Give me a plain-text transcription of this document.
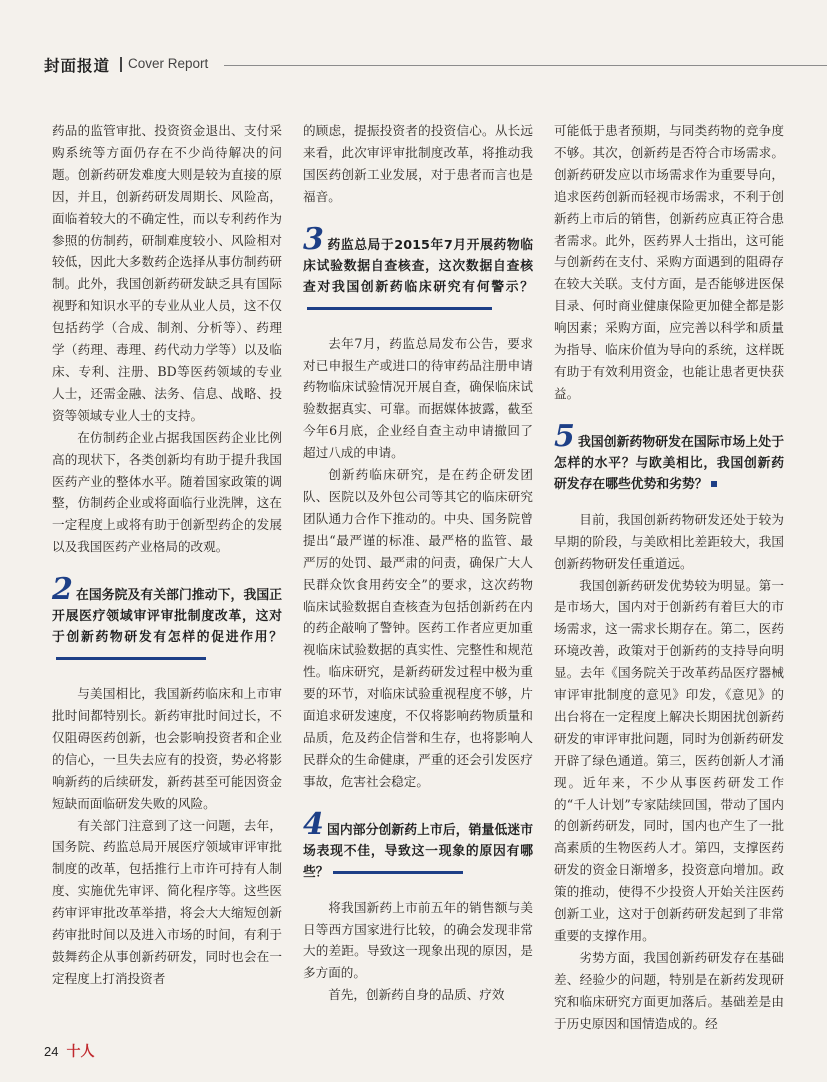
封面报道 Cover Report

药品的监管审批、投资资金退出、支付采购系统等方面仍存在不少尚待解决的问题。创新药研发难度大则是较为直接的原因，并且，创新药研发周期长、风险高，面临着较大的不确定性，而以专利药作为参照的仿制药，研制难度较小、风险相对较低，因此大多数药企选择从事仿制药研制。此外，我国创新药研发缺乏具有国际视野和知识水平的专业从业人员，这不仅包括药学（合成、制剂、分析等）、药理学（药理、毒理、药代动力学等）以及临床、专利、注册、BD等医药领域的专业人士，还需金融、法务、信息、战略、投资等领域专业人士的支持。

在仿制药企业占据我国医药企业比例高的现状下，各类创新均有助于提升我国医药产业的整体水平。随着国家政策的调整，仿制药企业或将面临行业洗牌，这在一定程度上或将有助于创新型药企的发展以及我国医药产业格局的改观。

2 在国务院及有关部门推动下，我国正开展医疗领域审评审批制度改革，这对于创新药物研发有怎样的促进作用？

与美国相比，我国新药临床和上市审批时间都特别长。新药审批时间过长，不仅阻碍医药创新，也会影响投资者和企业的信心，一旦失去应有的投资，势必将影响新药的后续研发，新药甚至可能因资金短缺而面临研发失败的风险。

有关部门注意到了这一问题，去年，国务院、药监总局开展医疗领域审评审批制度的改革，包括推行上市许可持有人制度、实施优先审评、简化程序等。这些医药审评审批改革举措，将会大大缩短创新药审批时间以及进入市场的时间，有利于鼓舞药企从事创新药研发，同时也会在一定程度上打消投资者

的顾虑，提振投资者的投资信心。从长远来看，此次审评审批制度改革，将推动我国医药创新工业发展，对于患者而言也是福音。

3 药监总局于2015年7月开展药物临床试验数据自查核查，这次数据自查核查对我国创新药临床研究有何警示？

去年7月，药监总局发布公告，要求对已申报生产或进口的待审药品注册申请药物临床试验情况开展自查，确保临床试验数据真实、可靠。而据媒体披露，截至今年6月底，企业经自查主动申请撤回了超过八成的申请。

创新药临床研究，是在药企研发团队、医院以及外包公司等其它的临床研究团队通力合作下推动的。中央、国务院曾提出“最严谨的标准、最严格的监管、最严厉的处罚、最严肃的问责，确保广大人民群众饮食用药安全”的要求，这次药物临床试验数据自查核查为包括创新药在内的药企敲响了警钟。医药工作者应更加重视临床试验数据的真实性、完整性和规范性。临床研究，是新药研发过程中极为重要的环节，对临床试验重视程度不够，片面追求研发速度，不仅将影响药物质量和品质，危及药企信誉和生存，也将影响人民群众的生命健康，严重的还会引发医疗事故，危害社会稳定。

4 国内部分创新药上市后，销量低迷市场表现不佳，导致这一现象的原因有哪些？

将我国新药上市前五年的销售额与美日等西方国家进行比较，的确会发现非常大的差距。导致这一现象出现的原因，是多方面的。

首先，创新药自身的品质、疗效

可能低于患者预期，与同类药物的竞争度不够。其次，创新药是否符合市场需求。创新药研发应以市场需求作为重要导向，追求医药创新而轻视市场需求，不利于创新药上市后的销售，创新药应真正符合患者需求。此外，医药界人士指出，这可能与创新药在支付、采购方面遇到的阻碍存在较大关联。支付方面，是否能够进医保目录、何时商业健康保险更加健全都是影响因素；采购方面，应完善以科学和质量为指导、临床价值为导向的系统，这样既有助于有效利用资金，也能让患者更快获益。

5 我国创新药物研发在国际市场上处于怎样的水平？与欧美相比，我国创新药研发存在哪些优势和劣势？

目前，我国创新药物研发还处于较为早期的阶段，与美欧相比差距较大，我国创新药物研发任重道远。

我国创新药研发优势较为明显。第一是市场大，国内对于创新药有着巨大的市场需求，这一需求长期存在。第二，医药环境改善，政策对于创新药的支持导向明显。去年《国务院关于改革药品医疗器械审评审批制度的意见》印发，《意见》的出台将在一定程度上解决长期困扰创新药研发的审评审批问题，同时为创新药研发开辟了绿色通道。第三，医药创新人才涌现。近年来，不少从事医药研发工作的“千人计划”专家陆续回国，带动了国内的创新药研发，同时，国内也产生了一批高素质的生物医药人才。第四，支撑医药研发的资金日渐增多，投资意向增加。政策的推动，使得不少投资人开始关注医药创新工业，这对于创新药研发起到了非常重要的支撑作用。

劣势方面，我国创新药研发存在基础差、经验少的问题，特别是在新药发现研究和临床研究方面更加落后。基础差是由于历史原因和国情造成的。经

24 十人
